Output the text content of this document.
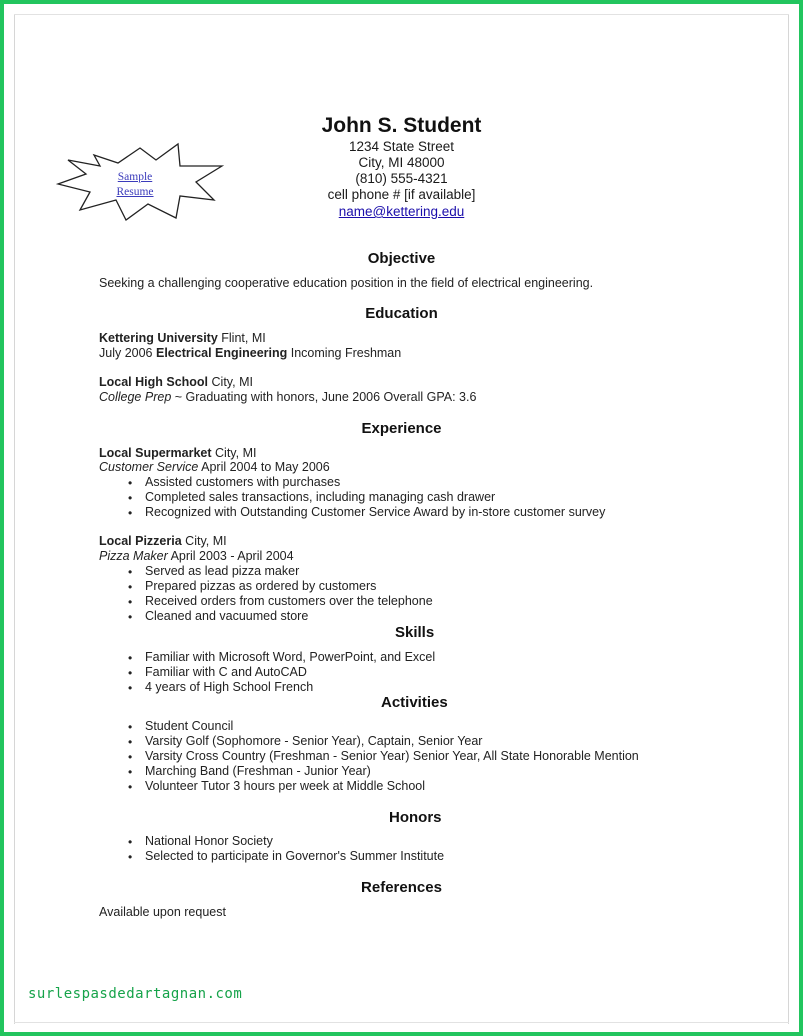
Sample
Resume
John S. Student
1234 State Street
City, MI 48000
(810) 555-4321
cell phone # [if available]
name@kettering.edu
Objective
Seeking a challenging cooperative education position in the field of electrical engineering.
Education
Kettering University Flint, MI
July 2006 Electrical Engineering Incoming Freshman
Local High School City, MI
College Prep ~ Graduating with honors, June 2006 Overall GPA: 3.6
Experience
Local Supermarket City, MI
Customer Service April 2004 to May 2006
• Assisted customers with purchases
• Completed sales transactions, including managing cash drawer
• Recognized with Outstanding Customer Service Award by in-store customer survey
Local Pizzeria City, MI
Pizza Maker April 2003 - April 2004
• Served as lead pizza maker
• Prepared pizzas as ordered by customers
• Received orders from customers over the telephone
• Cleaned and vacuumed store
Skills
• Familiar with Microsoft Word, PowerPoint, and Excel
• Familiar with C and AutoCAD
• 4 years of High School French
Activities
• Student Council
• Varsity Golf (Sophomore - Senior Year), Captain, Senior Year
• Varsity Cross Country (Freshman - Senior Year) Senior Year, All State Honorable Mention
• Marching Band (Freshman - Junior Year)
• Volunteer Tutor 3 hours per week at Middle School
Honors
• National Honor Society
• Selected to participate in Governor's Summer Institute
References
Available upon request
surlespasdedartagnan.com
